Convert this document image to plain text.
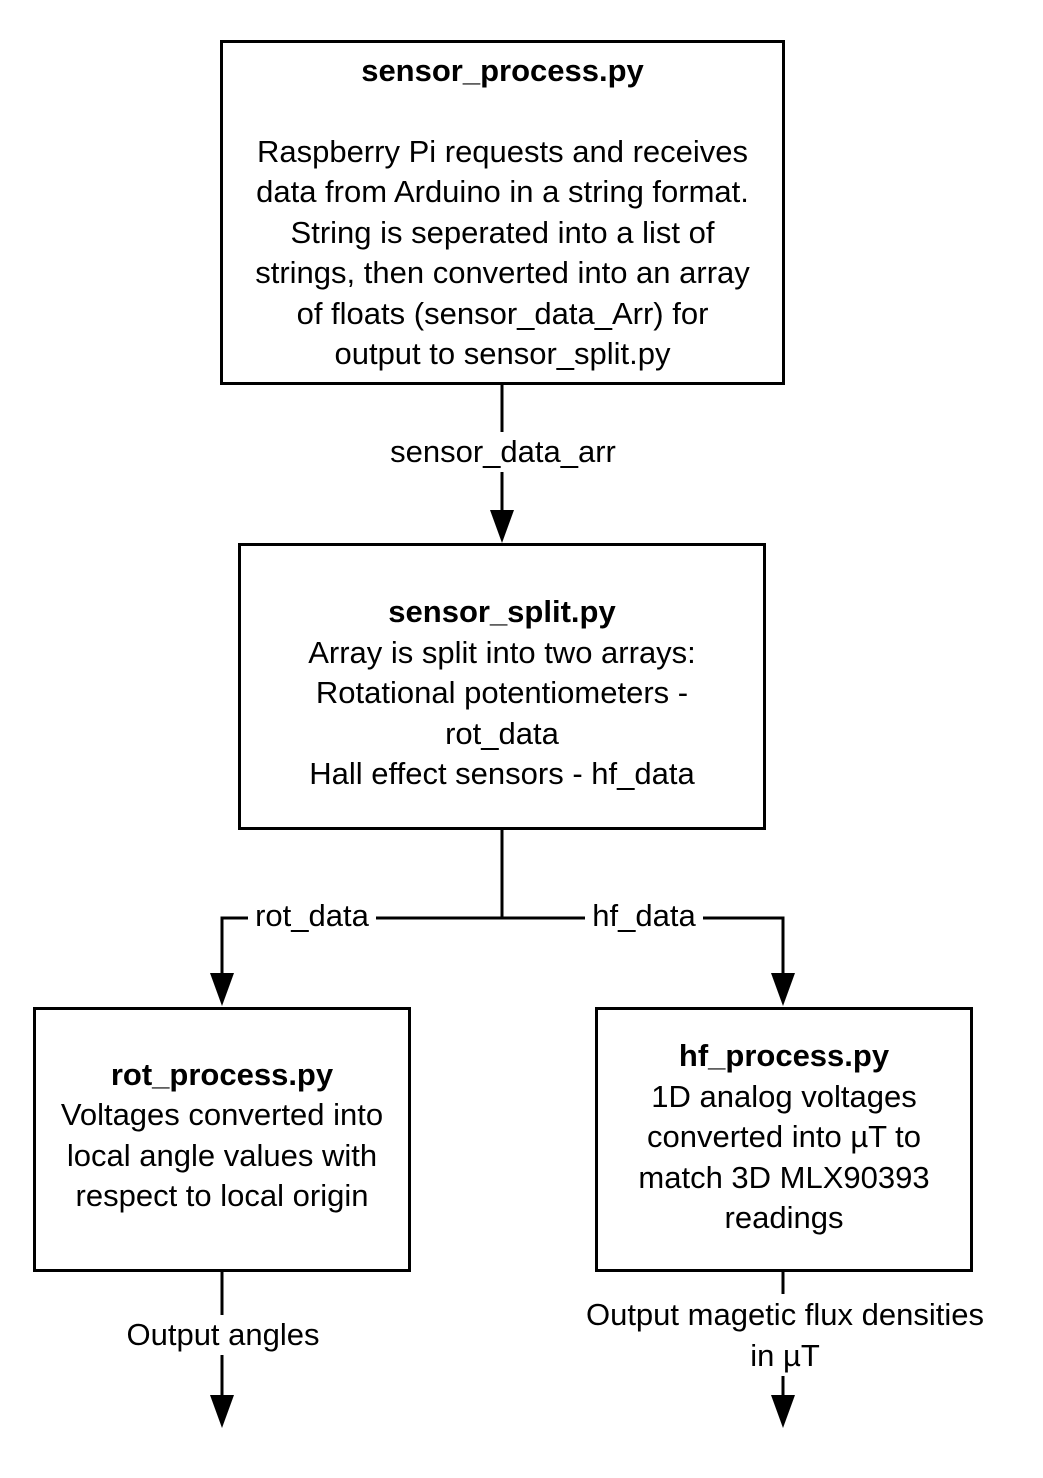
sensor_process.py
Raspberry Pi requests and receives
data from Arduino in a string format.
String is seperated into a list of
strings, then converted into an array
of floats (sensor_data_Arr) for
output to sensor_split.py
sensor_split.py
Array is split into two arrays:
Rotational potentiometers -
rot_data
Hall effect sensors - hf_data
rot_process.py
Voltages converted into
local angle values with
respect to local origin
hf_process.py
1D analog voltages
converted into µT to
match 3D MLX90393
readings
sensor_data_arr
rot_data	hf_data
Output angles
Output magetic flux densities
in µT
